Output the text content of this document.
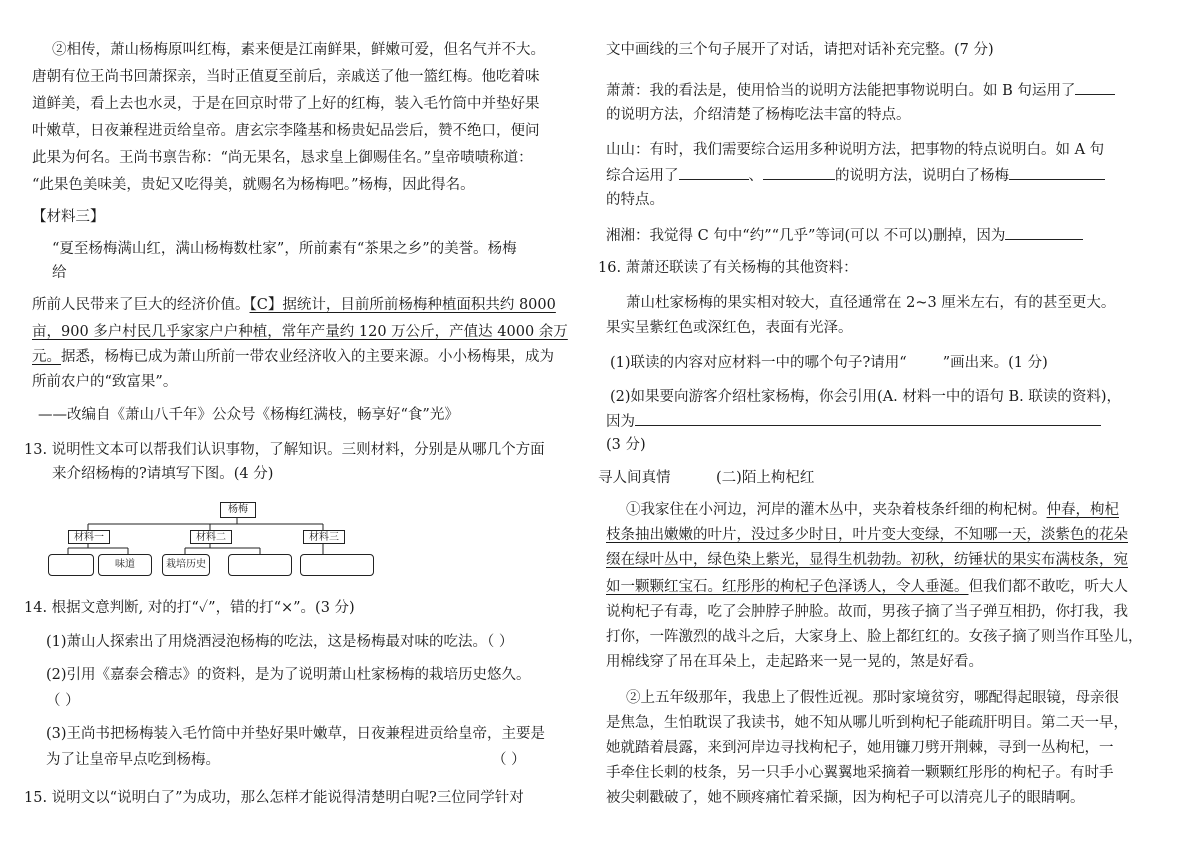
②相传，萧山杨梅原叫红梅，素来便是江南鲜果，鲜嫩可爱，但名气并不大。
唐朝有位王尚书回萧探亲，当时正值夏至前后，亲戚送了他一篮红梅。他吃着味
道鲜美，看上去也水灵，于是在回京时带了上好的红梅，装入毛竹筒中并垫好果
叶嫩草，日夜兼程进贡给皇帝。唐玄宗李隆基和杨贵妃品尝后，赞不绝口，便问
此果为何名。王尚书禀告称：“尚无果名，恳求皇上御赐佳名。”皇帝啧啧称道：
“此果色美味美，贵妃又吃得美，就赐名为杨梅吧。”杨梅，因此得名。
【材料三】
“夏至杨梅满山红，满山杨梅数杜家”，所前素有“茶果之乡”的美誉。杨梅
给
所前人民带来了巨大的经济价值。【C】据统计，目前所前杨梅种植面积共约 8000
亩，900 多户村民几乎家家户户种植，常年产量约 120 万公斤，产值达 4000 余万
元。据悉，杨梅已成为萧山所前一带农业经济收入的主要来源。小小杨梅果，成为
所前农户的“致富果”。
——改编自《萧山八千年》公众号《杨梅红满枝，畅享好“食”光》
13. 说明性文本可以帮我们认识事物，了解知识。三则材料，分别是从哪几个方面
来介绍杨梅的?请填写下图。(4 分)
杨梅
材料一	材料二	材料三
味道	栽培历史
14. 根据文意判断, 对的打“✓”，错的打“×”。(3 分)
(1)萧山人探索出了用烧酒浸泡杨梅的吃法，这是杨梅最对味的吃法。（ ）
(2)引用《嘉泰会稽志》的资料，是为了说明萧山杜家杨梅的栽培历史悠久。
（ ）
(3)王尚书把杨梅装入毛竹筒中并垫好果叶嫩草，日夜兼程进贡给皇帝，主要是
为了让皇帝早点吃到杨梅。	（ ）
15. 说明文以“说明白了”为成功，那么怎样才能说得清楚明白呢?三位同学针对
文中画线的三个句子展开了对话，请把对话补充完整。(7 分)
萧萧：我的看法是，使用恰当的说明方法能把事物说明白。如 B 句运用了
的说明方法，介绍清楚了杨梅吃法丰富的特点。
山山：有时，我们需要综合运用多种说明方法，把事物的特点说明白。如 A 句
综合运用了	、	的说明方法，说明白了杨梅
的特点。
湘湘：我觉得 C 句中“约”“几乎”等词(可以 不可以)删掉，因为
16. 萧萧还联读了有关杨梅的其他资料：
萧山杜家杨梅的果实相对较大，直径通常在 2~3 厘米左右，有的甚至更大。
果实呈紫红色或深红色，表面有光泽。
(1)联读的内容对应材料一中的哪个句子?请用“ ”画出来。(1 分)
(2)如果要向游客介绍杜家杨梅，你会引用(A. 材料一中的语句 B. 联读的资料)，
因为
(3 分)
寻人间真情	(二)陌上枸杞红
①我家住在小河边，河岸的灌木丛中，夹杂着枝条纤细的枸杞树。仲春，枸杞
枝条抽出嫩嫩的叶片，没过多少时日，叶片变大变绿，不知哪一天，淡紫色的花朵
缀在绿叶丛中，绿色染上紫光，显得生机勃勃。初秋，纺锤状的果实布满枝条，宛
如一颗颗红宝石。红彤彤的枸杞子色泽诱人，令人垂涎。但我们都不敢吃，听大人
说枸杞子有毒，吃了会肿脖子肿脸。故而，男孩子摘了当子弹互相扔，你打我，我
打你，一阵激烈的战斗之后，大家身上、脸上都红红的。女孩子摘了则当作耳坠儿，
用棉线穿了吊在耳朵上，走起路来一晃一晃的，煞是好看。
②上五年级那年，我患上了假性近视。那时家境贫穷，哪配得起眼镜，母亲很
是焦急，生怕耽误了我读书，她不知从哪儿听到枸杞子能疏肝明目。第二天一早，
她就踏着晨露，来到河岸边寻找枸杞子，她用镰刀劈开荆棘，寻到一丛枸杞，一
手牵住长刺的枝条，另一只手小心翼翼地采摘着一颗颗红彤彤的枸杞子。有时手
被尖刺戳破了，她不顾疼痛忙着采撷，因为枸杞子可以清亮儿子的眼睛啊。
